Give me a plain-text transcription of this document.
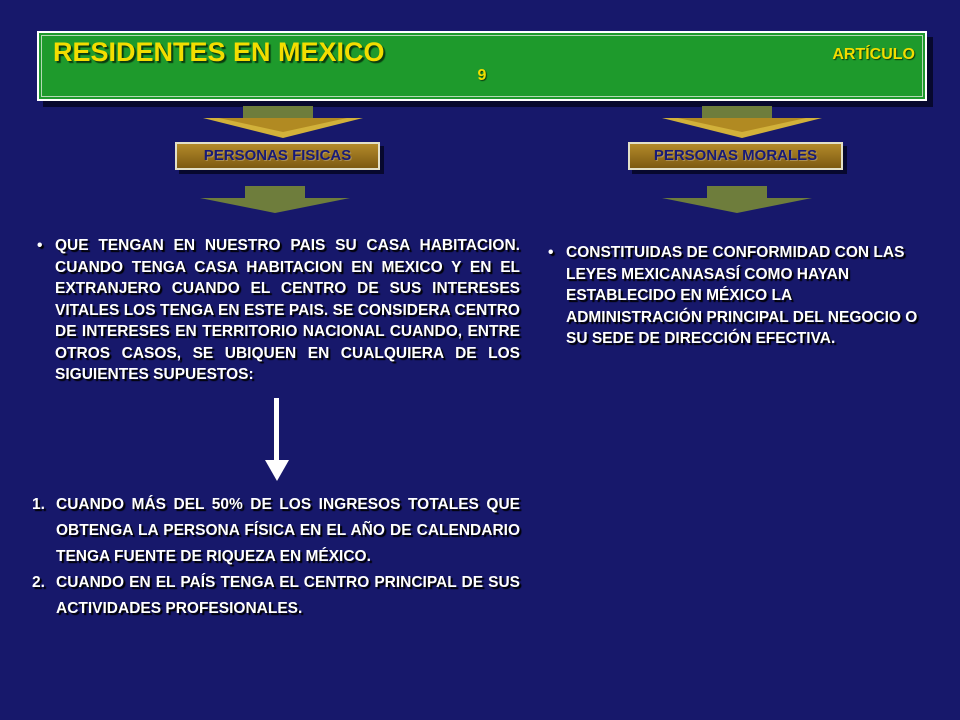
RESIDENTES EN MEXICO	ARTÍCULO
9
PERSONAS FISICAS	PERSONAS MORALES
• QUE TENGAN EN NUESTRO PAIS SU CASA HABITACION. CUANDO TENGA CASA HABITACION EN MEXICO Y EN EL EXTRANJERO CUANDO EL CENTRO DE SUS INTERESES VITALES LOS TENGA EN ESTE PAIS. SE CONSIDERA CENTRO DE INTERESES EN TERRITORIO NACIONAL CUANDO, ENTRE OTROS CASOS, SE UBIQUEN EN CUALQUIERA DE LOS SIGUIENTES SUPUESTOS:
1. CUANDO MÁS DEL 50% DE LOS INGRESOS TOTALES QUE OBTENGA LA PERSONA FÍSICA EN EL AÑO DE CALENDARIO TENGA FUENTE DE RIQUEZA EN MÉXICO.
2. CUANDO EN EL PAÍS TENGA EL CENTRO PRINCIPAL DE SUS ACTIVIDADES PROFESIONALES.
• CONSTITUIDAS DE CONFORMIDAD CON LAS LEYES MEXICANASASÍ COMO HAYAN ESTABLECIDO EN MÉXICO LA ADMINISTRACIÓN PRINCIPAL DEL NEGOCIO O SU SEDE DE DIRECCIÓN EFECTIVA.
